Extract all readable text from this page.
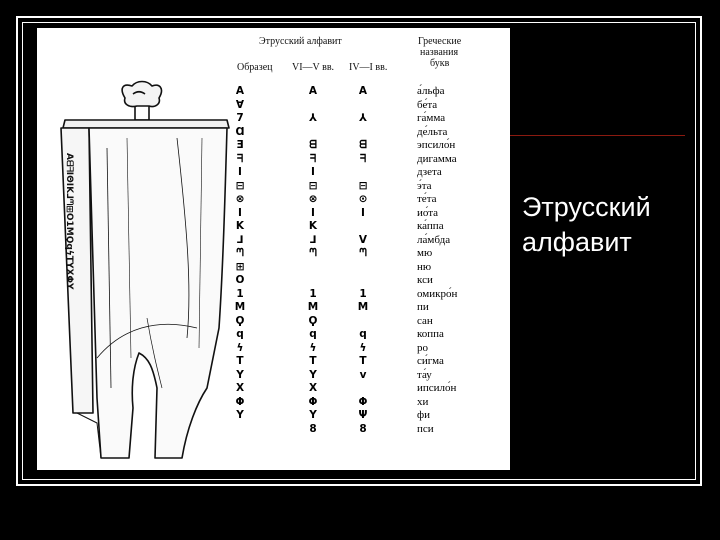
Этрусский
алфавит
AᗺᖷIΘIK⅃ᘉ⊞O1MϘqϟTYXΦY
Этрусский алфавит
Образец VI—V вв. IV—I вв.
Греческие
названия
букв
Α
Ɐ
7
Ɑ
Ǝ
ᖷ
I
⊟
⊗
I
K
⅃
ᘉ
⊞
O
1
M
Ϙ
q
ϟ
T
Y
X
Φ
Y
A
⅄
ᗺ
ᖷ
I
⊟
⊗
I
K
⅃
ᘉ
1
M
Ϙ
q
ϟ
T
Y
X
Φ
Y
8
A
⅄
ᗺ
ᖷ
⊟
⊙
I
V
ᘉ
1
M
q
ϟ
T
v
Φ
Ψ
8
а́льфа
бе́та
га́мма
де́льта
эпсило́н
дигамма
дзета
э́та
те́та
ио́та
ка́ппа
ла́мбда
мю
ню
кси
омикро́н
пи
сан
коппа
ро
си́гма
та́у
ипсило́н
хи
фи
пси
